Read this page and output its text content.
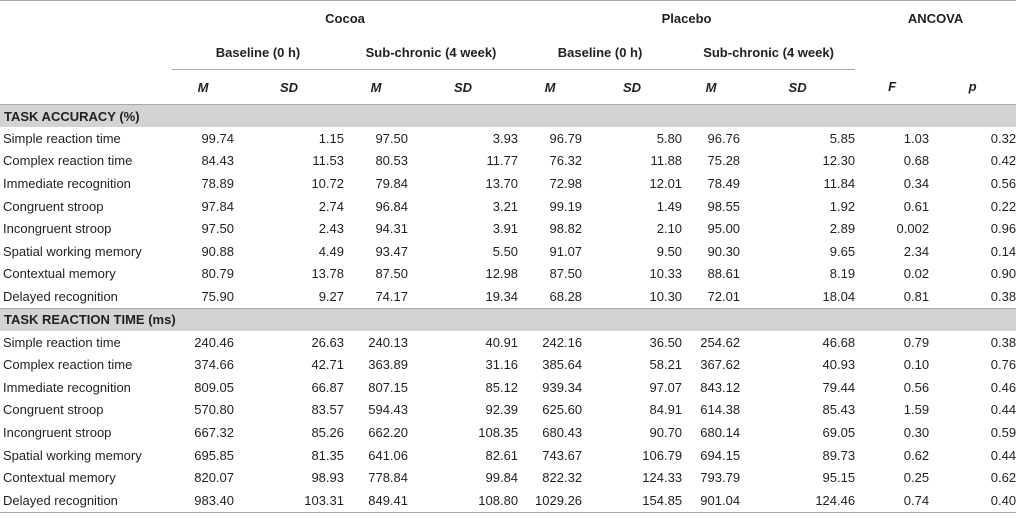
	Cocoa				Placebo				ANCOVA	
	Baseline (0 h)		Sub-chronic (4 week)		Baseline (0 h)		Sub-chronic (4 week)			
	M	SD	M	SD	M	SD	M	SD	F	p
TASK ACCURACY (%)										
Simple reaction time	99.74	1.15	97.50	3.93	96.79	5.80	96.76	5.85	1.03	0.32
Complex reaction time	84.43	11.53	80.53	11.77	76.32	11.88	75.28	12.30	0.68	0.42
Immediate recognition	78.89	10.72	79.84	13.70	72.98	12.01	78.49	11.84	0.34	0.56
Congruent stroop	97.84	2.74	96.84	3.21	99.19	1.49	98.55	1.92	0.61	0.22
Incongruent stroop	97.50	2.43	94.31	3.91	98.82	2.10	95.00	2.89	0.002	0.96
Spatial working memory	90.88	4.49	93.47	5.50	91.07	9.50	90.30	9.65	2.34	0.14
Contextual memory	80.79	13.78	87.50	12.98	87.50	10.33	88.61	8.19	0.02	0.90
Delayed recognition	75.90	9.27	74.17	19.34	68.28	10.30	72.01	18.04	0.81	0.38
TASK REACTION TIME (ms)										
Simple reaction time	240.46	26.63	240.13	40.91	242.16	36.50	254.62	46.68	0.79	0.38
Complex reaction time	374.66	42.71	363.89	31.16	385.64	58.21	367.62	40.93	0.10	0.76
Immediate recognition	809.05	66.87	807.15	85.12	939.34	97.07	843.12	79.44	0.56	0.46
Congruent stroop	570.80	83.57	594.43	92.39	625.60	84.91	614.38	85.43	1.59	0.44
Incongruent stroop	667.32	85.26	662.20	108.35	680.43	90.70	680.14	69.05	0.30	0.59
Spatial working memory	695.85	81.35	641.06	82.61	743.67	106.79	694.15	89.73	0.62	0.44
Contextual memory	820.07	98.93	778.84	99.84	822.32	124.33	793.79	95.15	0.25	0.62
Delayed recognition	983.40	103.31	849.41	108.80	1029.26	154.85	901.04	124.46	0.74	0.40
